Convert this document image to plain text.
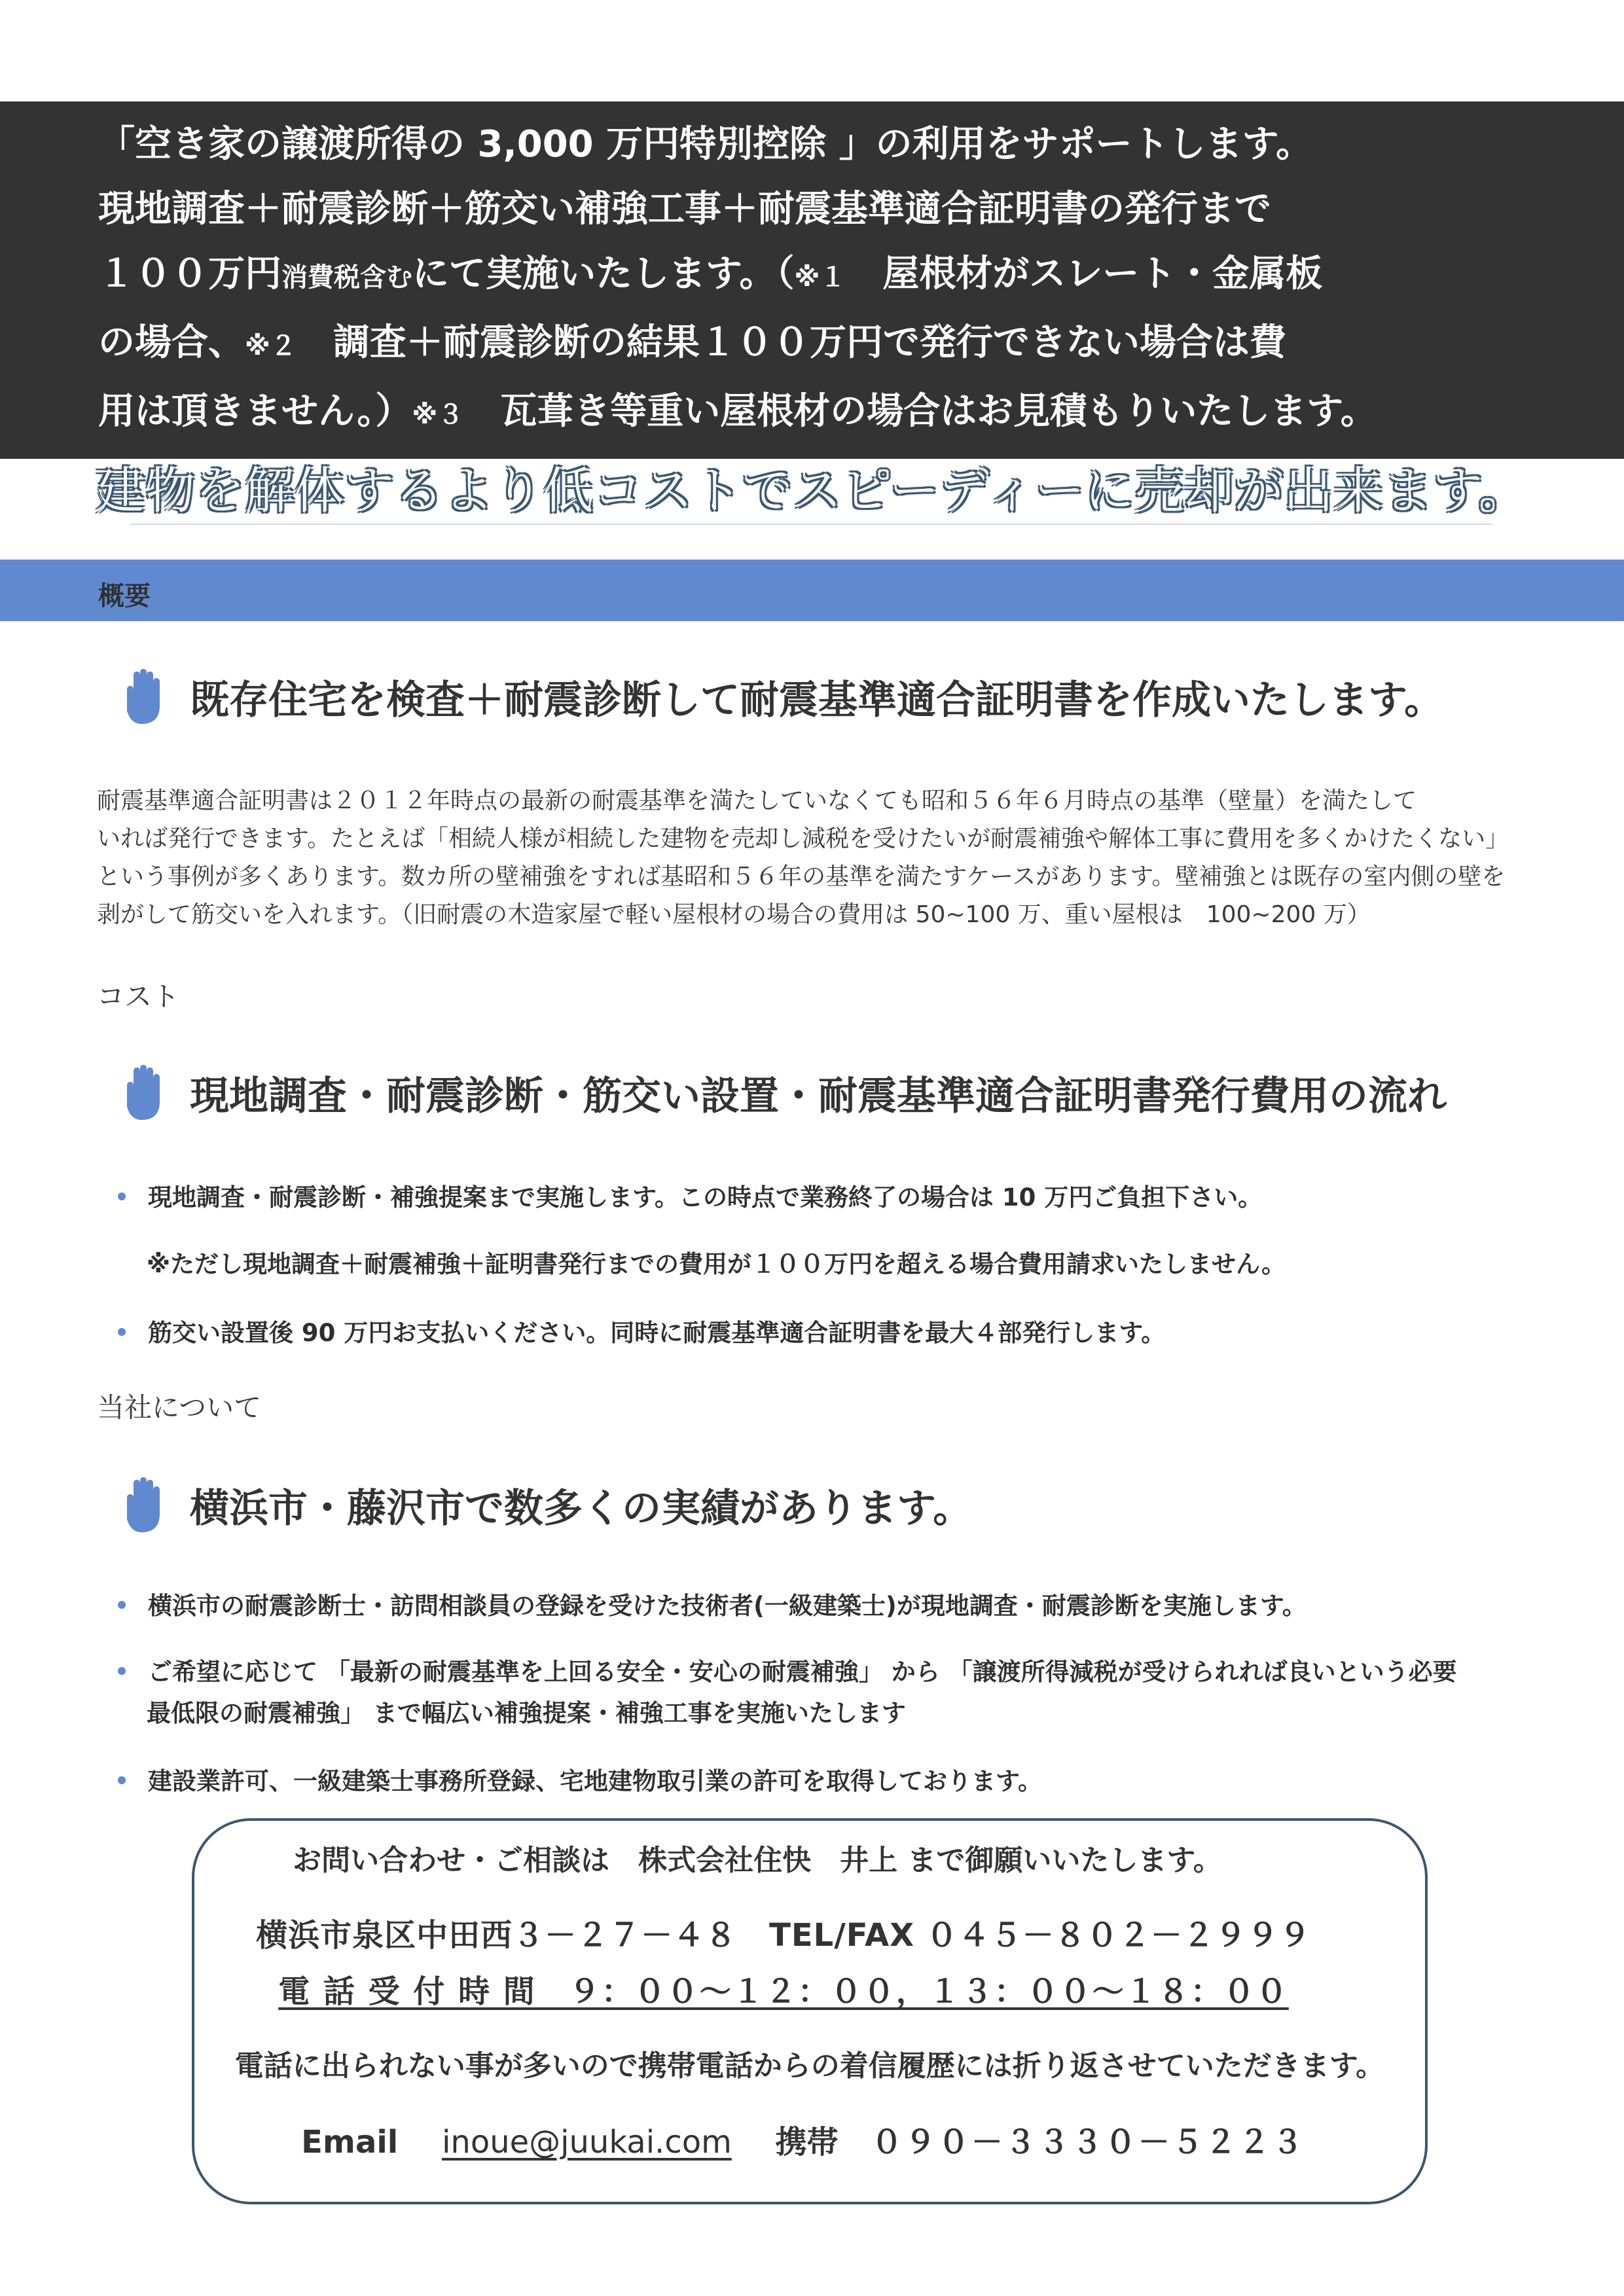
「空き家の譲渡所得の 3,000 万円特別控除 」の利用をサポートします。
現地調査＋耐震診断＋筋交い補強工事＋耐震基準適合証明書の発行まで
１００万円消費税含むにて実施いたします。（※１　屋根材がスレート・金属板
の場合、※２　調査＋耐震診断の結果１００万円で発行できない場合は費
用は頂きません。）※３　瓦葺き等重い屋根材の場合はお見積もりいたします。
建物を解体するより低コストでスピーディーに売却が出来ます。
概要
既存住宅を検査＋耐震診断して耐震基準適合証明書を作成いたします。
耐震基準適合証明書は２０１２年時点の最新の耐震基準を満たしていなくても昭和５６年６月時点の基準（壁量）を満たして
いれば発行できます。たとえば「相続人様が相続した建物を売却し減税を受けたいが耐震補強や解体工事に費用を多くかけたくない」
という事例が多くあります。数カ所の壁補強をすれば基昭和５６年の基準を満たすケースがあります。壁補強とは既存の室内側の壁を
剥がして筋交いを入れます。（旧耐震の木造家屋で軽い屋根材の場合の費用は 50~100 万、重い屋根は　100~200 万）
コスト
現地調査・耐震診断・筋交い設置・耐震基準適合証明書発行費用の流れ
現地調査・耐震診断・補強提案まで実施します。この時点で業務終了の場合は 10 万円ご負担下さい。
※ただし現地調査＋耐震補強＋証明書発行までの費用が１００万円を超える場合費用請求いたしません。
筋交い設置後 90 万円お支払いください。同時に耐震基準適合証明書を最大４部発行します。
当社について
横浜市・藤沢市で数多くの実績があります。
横浜市の耐震診断士・訪問相談員の登録を受けた技術者(一級建築士)が現地調査・耐震診断を実施します。
ご希望に応じて 「最新の耐震基準を上回る安全・安心の耐震補強」 から 「譲渡所得減税が受けられれば良いという必要
最低限の耐震補強」 まで幅広い補強提案・補強工事を実施いたします
建設業許可、一級建築士事務所登録、宅地建物取引業の許可を取得しております。
お問い合わせ・ご相談は　株式会社住快　井上 まで御願いいたします。
横浜市泉区中田西３－２７－４８　TEL/FAX ０４５－８０２－２９９９
電 話 受 付 時 間　９：００～１２：００，１３：００～１８：００
電話に出られない事が多いので携帯電話からの着信履歴には折り返させていただきます。
Email inoue@juukai.com 携帯 ０９０－３３３０－５２２３
